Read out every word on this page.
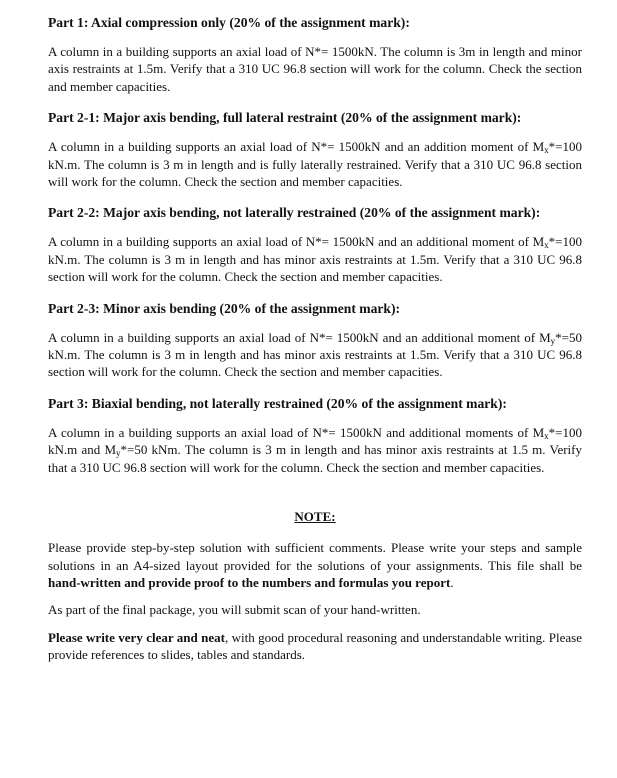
Part 1: Axial compression only (20% of the assignment mark):

A column in a building supports an axial load of N*= 1500kN. The column is 3m in length and minor axis restraints at 1.5m. Verify that a 310 UC 96.8 section will work for the column. Check the section and member capacities.

Part 2-1: Major axis bending, full lateral restraint (20% of the assignment mark):

A column in a building supports an axial load of N*= 1500kN and an addition moment of $M_x*=100$ kN.m. The column is 3 m in length and is fully laterally restrained. Verify that a 310 UC 96.8 section will work for the column. Check the section and member capacities.

Part 2-2: Major axis bending, not laterally restrained (20% of the assignment mark):

A column in a building supports an axial load of N*= 1500kN and an additional moment of $M_x*=100$ kN.m. The column is 3 m in length and has minor axis restraints at 1.5m. Verify that a 310 UC 96.8 section will work for the column. Check the section and member capacities.

Part 2-3: Minor axis bending (20% of the assignment mark):

A column in a building supports an axial load of N*= 1500kN and an additional moment of $M_y*=50$ kN.m. The column is 3 m in length and has minor axis restraints at 1.5m. Verify that a 310 UC 96.8 section will work for the column. Check the section and member capacities.

Part 3: Biaxial bending, not laterally restrained (20% of the assignment mark):

A column in a building supports an axial load of N*= 1500kN and additional moments of $M_x*=100$ kN.m and $M_y*=50$ kNm. The column is 3 m in length and has minor axis restraints at 1.5 m. Verify that a 310 UC 96.8 section will work for the column. Check the section and member capacities.

NOTE:

Please provide step-by-step solution with sufficient comments. Please write your steps and sample solutions in an A4-sized layout provided for the solutions of your assignments. This file shall be hand-written and provide proof to the numbers and formulas you report.

As part of the final package, you will submit scan of your hand-written.

Please write very clear and neat, with good procedural reasoning and understandable writing. Please provide references to slides, tables and standards.
